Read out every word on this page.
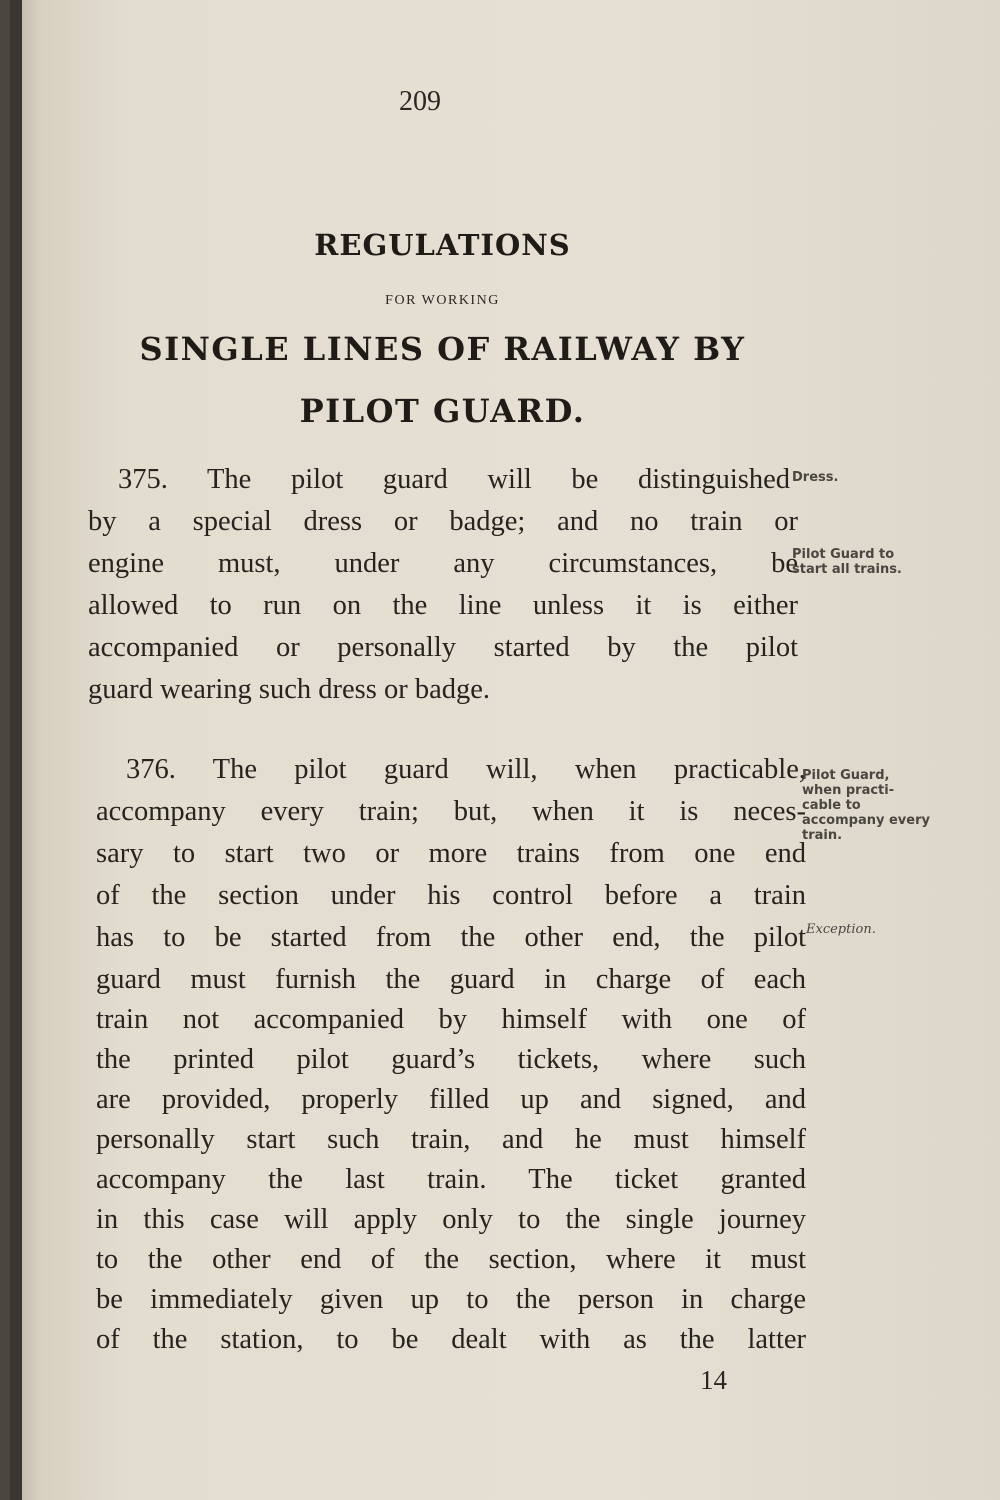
209
REGULATIONS
FOR WORKING
SINGLE LINES OF RAILWAY BY
PILOT GUARD.
375. The pilot guard will be distinguished
by a special dress or badge; and no train or
engine must, under any circumstances, be
allowed to run on the line unless it is either
accompanied or personally started by the pilot
guard wearing such dress or badge.
376. The pilot guard will, when practicable,
accompany every train; but, when it is neces-
sary to start two or more trains from one end
of the section under his control before a train
has to be started from the other end, the pilot
guard must furnish the guard in charge of each
train not accompanied by himself with one of
the printed pilot guard’s tickets, where such
are provided, properly filled up and signed, and
personally start such train, and he must himself
accompany the last train. The ticket granted
in this case will apply only to the single journey
to the other end of the section, where it must
be immediately given up to the person in charge
of the station, to be dealt with as the latter
Dress.
Pilot Guard to start all trains.
Pilot Guard, when practi- cable to accompany every train.
Exception.
14
